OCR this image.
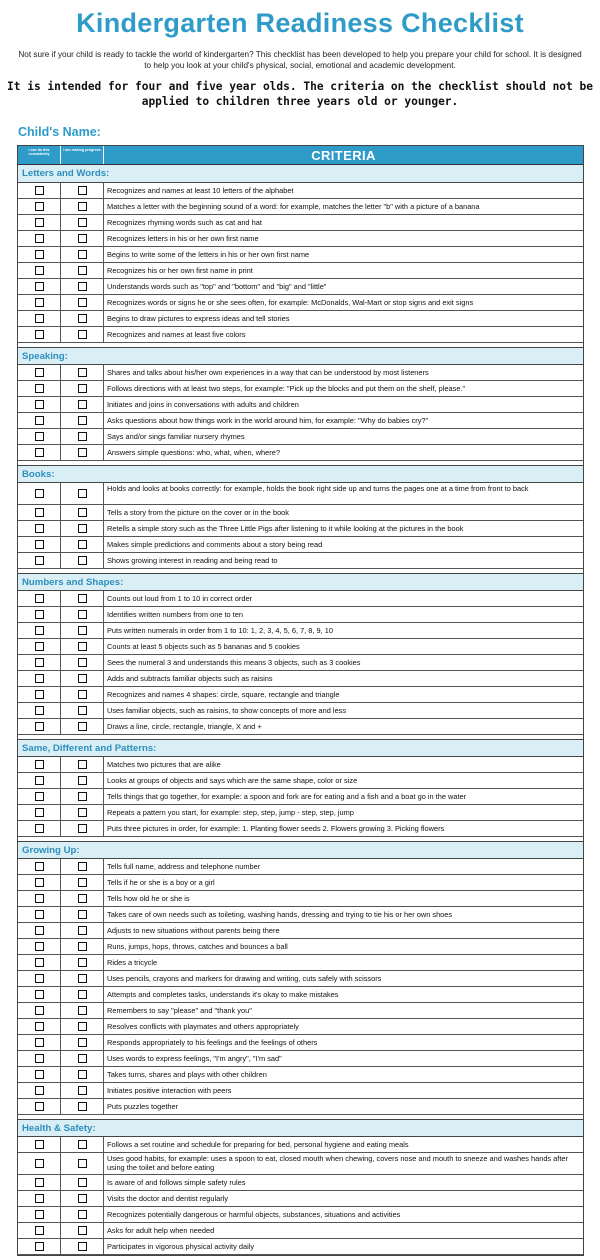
Kindergarten Readiness Checklist
Not sure if your child is ready to tackle the world of kindergarten? This checklist has been developed to help you prepare your child for school. It is designed to help you look at your child's physical, social, emotional and academic development.
It is intended for four and five year olds. The criteria on the checklist should not be applied to children three years old or younger.
Child's Name:
I can do this consistently
I am making progress	CRITERIA
Letters and Words:
Recognizes and names at least 10 letters of the alphabet
Matches a letter with the beginning sound of a word: for example, matches the letter "b" with a picture of a banana
Recognizes rhyming words such as cat and hat
Recognizes letters in his or her own first name
Begins to write some of the letters in his or her own first name
Recognizes his or her own first name in print
Understands words such as "top" and "bottom" and "big" and "little"
Recognizes words or signs he or she sees often, for example: McDonalds, Wal-Mart or stop signs and exit signs
Begins to draw pictures to express ideas and tell stories
Recognizes and names at least five colors
Speaking:
Shares and talks about his/her own experiences in a way that can be understood by most listeners
Follows directions with at least two steps, for example: "Pick up the blocks and put them on the shelf, please."
Initiates and joins in conversations with adults and children
Asks questions about how things work in the world around him, for example: "Why do babies cry?"
Says and/or sings familiar nursery rhymes
Answers simple questions: who, what, when, where?
Books:
Holds and looks at books correctly: for example, holds the book right side up and turns the pages one at a time from front to back
Tells a story from the picture on the cover or in the book
Retells a simple story such as the Three Little Pigs after listening to it while looking at the pictures in the book
Makes simple predictions and comments about a story being read
Shows growing interest in reading and being read to
Numbers and Shapes:
Counts out loud from 1 to 10 in correct order
Identifies written numbers from one to ten
Puts written numerals in order from 1 to 10: 1, 2, 3, 4, 5, 6, 7, 8, 9, 10
Counts at least 5 objects such as 5 bananas and 5 cookies
Sees the numeral 3 and understands this means 3 objects, such as 3 cookies
Adds and subtracts familiar objects such as raisins
Recognizes and names 4 shapes: circle, square, rectangle and triangle
Uses familiar objects, such as raisins, to show concepts of more and less
Draws a line, circle, rectangle, triangle, X and +
Same, Different and Patterns:
Matches two pictures that are alike
Looks at groups of objects and says which are the same shape, color or size
Tells things that go together, for example: a spoon and fork are for eating and a fish and a boat go in the water
Repeats a pattern you start, for example: step, step, jump - step, step, jump
Puts three pictures in order, for example: 1. Planting flower seeds 2. Flowers growing 3. Picking flowers
Growing Up:
Tells full name, address and telephone number
Tells if he or she is a boy or a girl
Tells how old he or she is
Takes care of own needs such as toileting, washing hands, dressing and trying to tie his or her own shoes
Adjusts to new situations without parents being there
Runs, jumps, hops, throws, catches and bounces a ball
Rides a tricycle
Uses pencils, crayons and markers for drawing and writing, cuts safely with scissors
Attempts and completes tasks, understands it's okay to make mistakes
Remembers to say "please" and "thank you"
Resolves conflicts with playmates and others appropriately
Responds appropriately to his feelings and the feelings of others
Uses words to express feelings, "I'm angry", "I'm sad"
Takes turns, shares and plays with other children
Initiates positive interaction with peers
Puts puzzles together
Health & Safety:
Follows a set routine and schedule for preparing for bed, personal hygiene and eating meals
Uses good habits, for example: uses a spoon to eat, closed mouth when chewing, covers nose and mouth to sneeze and washes hands after using the toilet and before eating
Is aware of and follows simple safety rules
Visits the doctor and dentist regularly
Recognizes potentially dangerous or harmful objects, substances, situations and activities
Asks for adult help when needed
Participates in vigorous physical activity daily
